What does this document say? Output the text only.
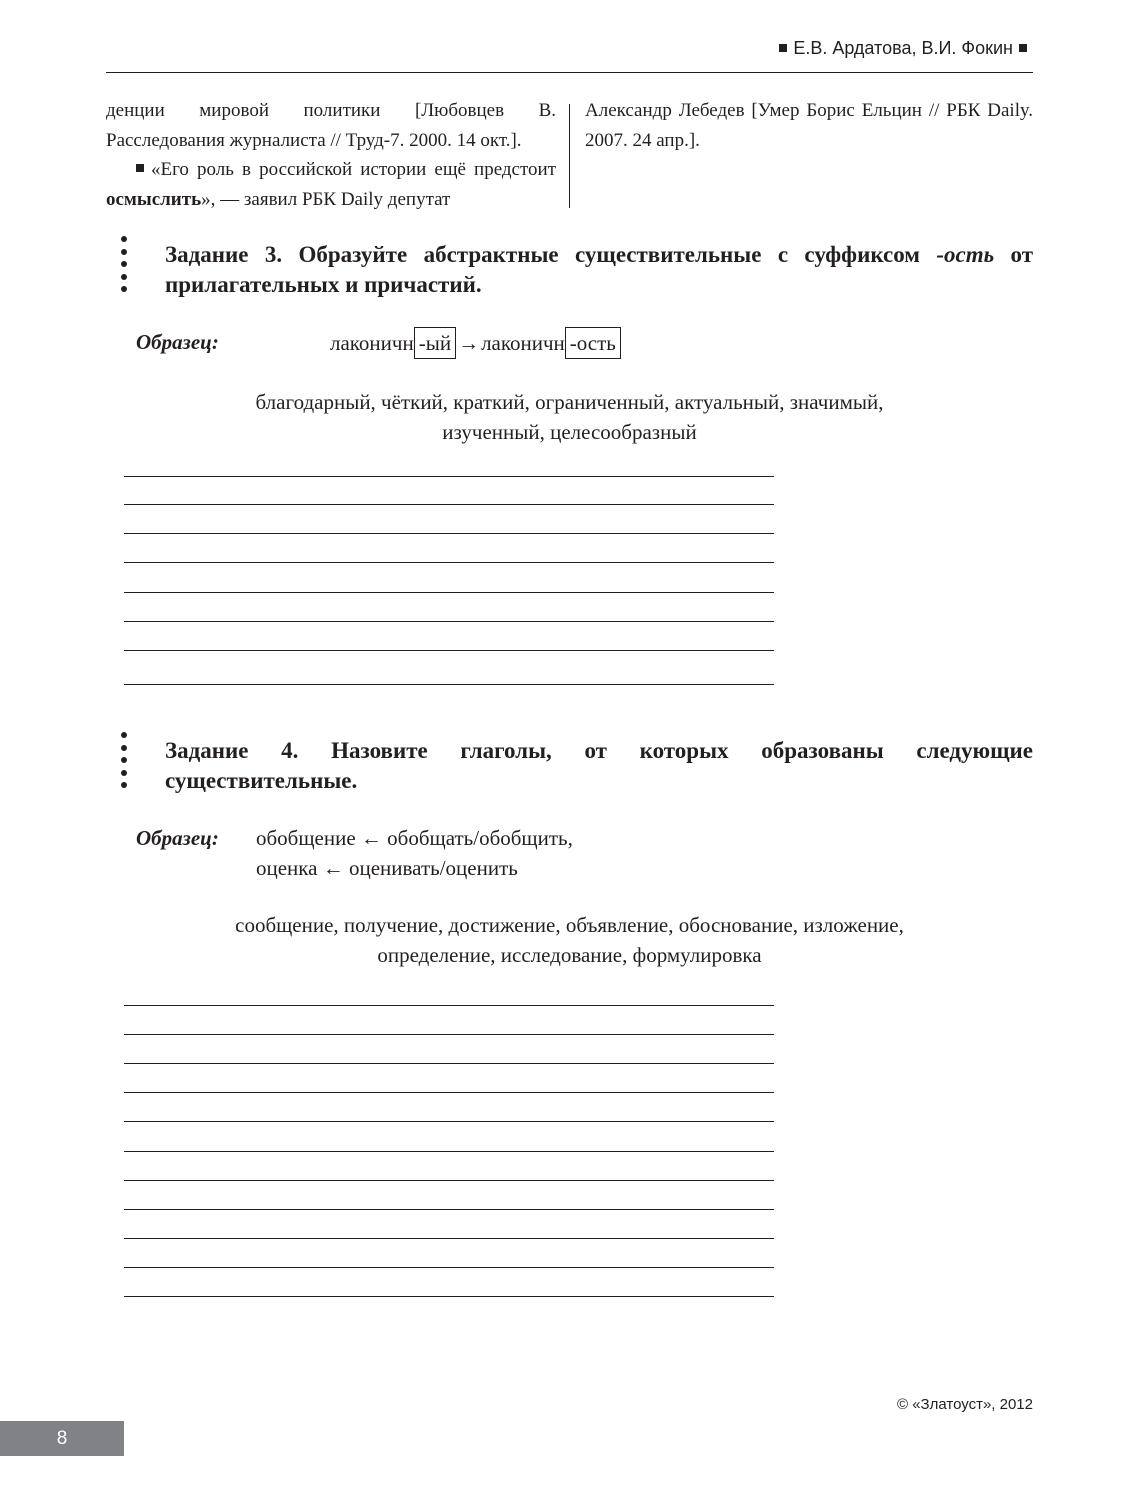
Е.В. Ардатова, В.И. Фокин

денции мировой политики [Любовцев В. Расследования журналиста // Труд-7. 2000. 14 окт.].

«Его роль в российской истории ещё предстоит осмыслить», — заявил РБК Daily депутат

Александр Лебедев [Умер Борис Ельцин // РБК Daily. 2007. 24 апр.].

Задание 3. Образуйте абстрактные существительные с суффиксом -ость от прилагательных и причастий.
Образец:	лаконичн -ый →лаконичн -ость
благодарный, чёткий, краткий, ограниченный, актуальный, значимый,
изученный, целесообразный
Задание 4. Назовите глаголы, от которых образованы следующие существительные.
Образец: обобщение ← обобщать/обобщить,
оценка ← оценивать/оценить
сообщение, получение, достижение, объявление, обоснование, изложение,
определение, исследование, формулировка
© «Златоуст», 2012
8
